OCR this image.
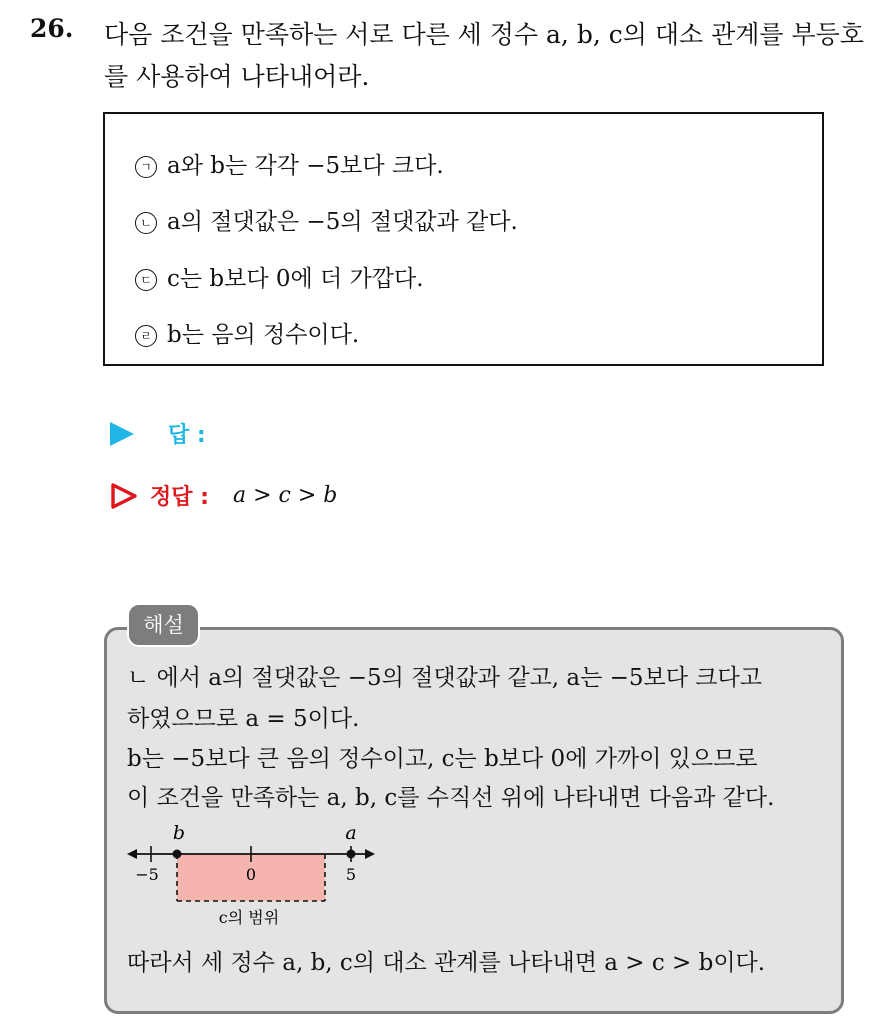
26. 다음 조건을 만족하는 서로 다른 세 정수 a, b, c의 대소 관계를 부등호를 사용하여 나타내어라.
ㄱ a와 b는 각각 −5보다 크다.
ㄴ a의 절댓값은 −5의 절댓값과 같다.
ㄷ c는 b보다 0에 더 가깝다.
ㄹ b는 음의 정수이다.
답 :
정답 : a > c > b
ㄴ 에서 a의 절댓값은 −5의 절댓값과 같고, a는 −5보다 크다고
하였으므로 a = 5이다.
b는 −5보다 큰 음의 정수이고, c는 b보다 0에 가까이 있으므로
이 조건을 만족하는 a, b, c를 수직선 위에 나타내면 다음과 같다.
b	a
−5	0	5
c의 범위
따라서 세 정수 a, b, c의 대소 관계를 나타내면 a > c > b이다.
해설
